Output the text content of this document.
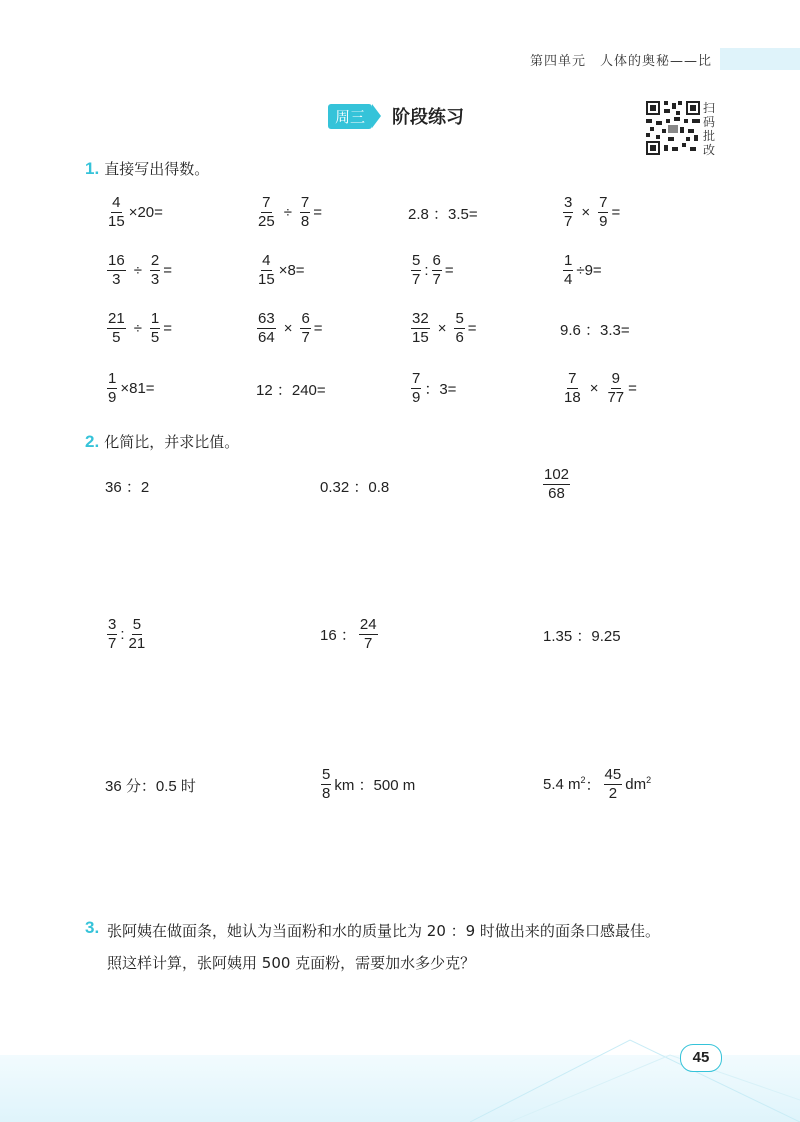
第四单元　人体的奥秘——比
周三	阶段练习	扫 码 批 改
1. 直接写出得数。
$\frac{4}{15} \times 20=$	$\frac{7}{25} \div \frac{7}{8}$ =	2.8 ：3.5=	$\frac{3}{7} \times \frac{7}{9}$ =
$\frac{16}{3} \div \frac{2}{3}$ =	$\frac{4}{15} \times 8=$	$\frac{5}{7}$ : $\frac{6}{7}$ =	$\frac{1}{4} \div 9=$
$\frac{21}{5} \div \frac{1}{5}$ =	$\frac{63}{64} \times \frac{6}{7}$ =	$\frac{32}{15} \times \frac{5}{6}$ =	9.6 ：3.3=
$\frac{1}{9} \times 81=$	12 ：240=	$\frac{7}{9}$ ：3=	$\frac{7}{18} \times \frac{9}{77}$ =
2. 化简比，并求比值。
36 ：2	0.32 ：0.8	$\frac{102}{68}$
$\frac{3}{7}$ : $\frac{5}{21}$	16 ： $\frac{24}{7}$	1.35 ：9.25
36 分：0.5 时	$\frac{5}{8}$ km ：500 m	5.4 $m^2$ ： $\frac{45}{2} dm^2$
3. 张阿姨在做面条，她认为当面粉和水的质量比为 20 ：9 时做出来的面条口感最佳。
照这样计算，张阿姨用 500 克面粉，需要加水多少克？
45
